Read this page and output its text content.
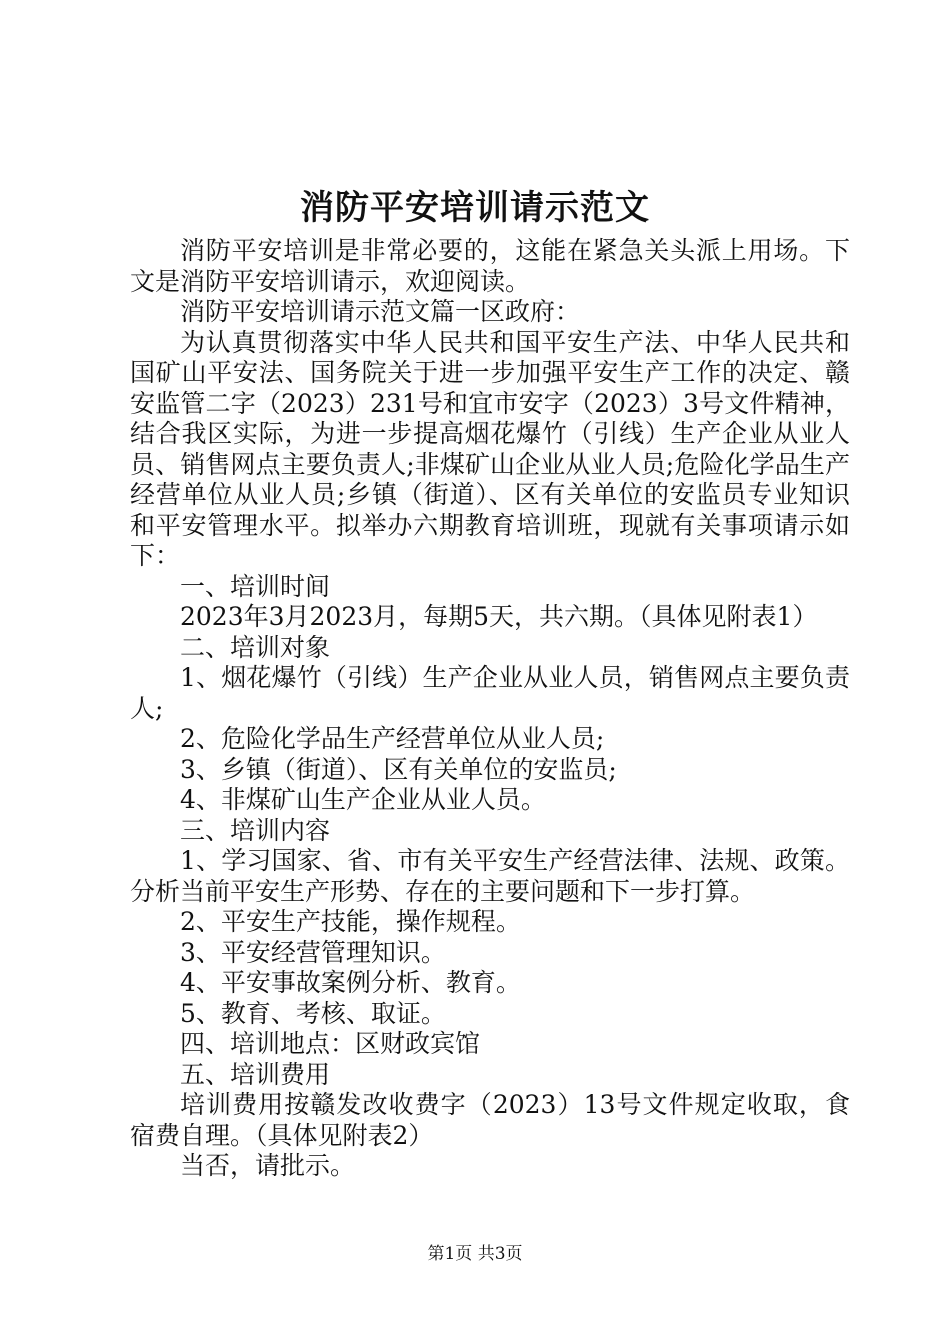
消防平安培训请示范文

消防平安培训是非常必要的，这能在紧急关头派上用场。下文是消防平安培训请示，欢迎阅读。

消防平安培训请示范文篇一区政府：

为认真贯彻落实中华人民共和国平安生产法、中华人民共和国矿山平安法、国务院关于进一步加强平安生产工作的决定、赣安监管二字（2023）231号和宜市安字（2023）3号文件精神，结合我区实际，为进一步提高烟花爆竹（引线）生产企业从业人员、销售网点主要负责人;非煤矿山企业从业人员;危险化学品生产经营单位从业人员;乡镇（街道）、区有关单位的安监员专业知识和平安管理水平。拟举办六期教育培训班，现就有关事项请示如下：

一、培训时间

2023年3月2023月，每期5天，共六期。（具体见附表1）

二、培训对象

1、烟花爆竹（引线）生产企业从业人员，销售网点主要负责人;

2、危险化学品生产经营单位从业人员;

3、乡镇（街道）、区有关单位的安监员;

4、非煤矿山生产企业从业人员。

三、培训内容

1、学习国家、省、市有关平安生产经营法律、法规、政策。分析当前平安生产形势、存在的主要问题和下一步打算。

2、平安生产技能，操作规程。

3、平安经营管理知识。

4、平安事故案例分析、教育。

5、教育、考核、取证。

四、培训地点：区财政宾馆

五、培训费用

培训费用按赣发改收费字（2023）13号文件规定收取，食宿费自理。（具体见附表2）

当否，请批示。

第1页 共3页
